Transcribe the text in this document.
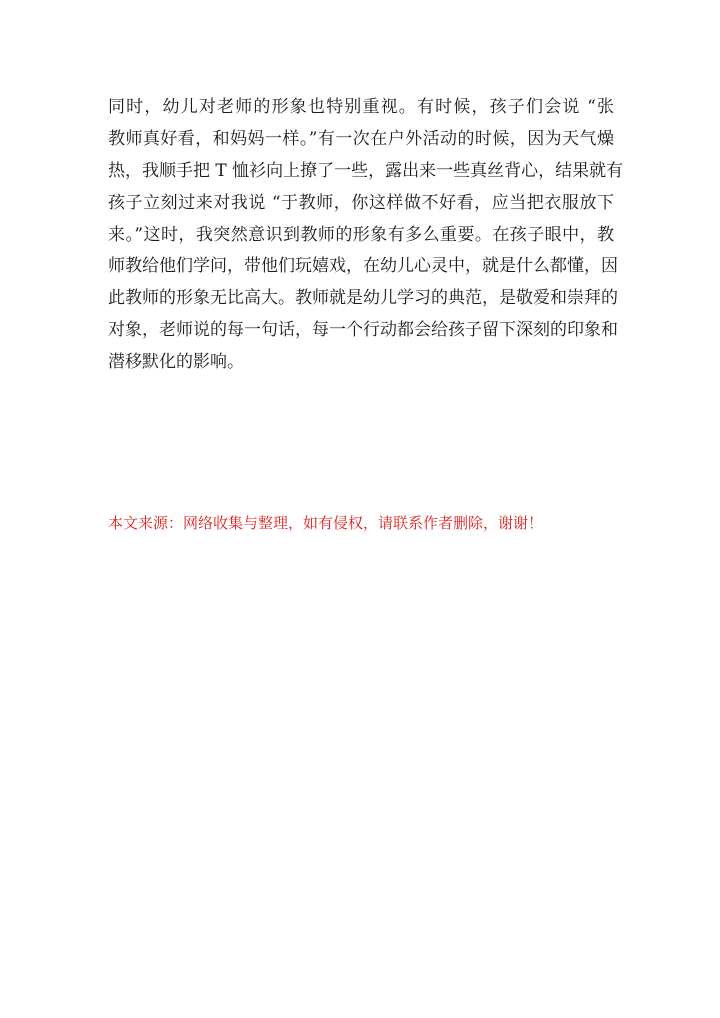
同时，幼儿对老师的形象也特别重视。有时候，孩子们会说 “张
教师真好看，和妈妈一样。”有一次在户外活动的时候，因为天气燥
热，我顺手把 T 恤衫向上撩了一些，露出来一些真丝背心，结果就有
孩子立刻过来对我说 “于教师，你这样做不好看，应当把衣服放下
来。”这时，我突然意识到教师的形象有多么重要。在孩子眼中，教
师教给他们学问，带他们玩嬉戏，在幼儿心灵中，就是什么都懂，因
此教师的形象无比高大。教师就是幼儿学习的典范，是敬爱和崇拜的
对象，老师说的每一句话，每一个行动都会给孩子留下深刻的印象和
潜移默化的影响。

本文来源：网络收集与整理，如有侵权，请联系作者删除，谢谢！
